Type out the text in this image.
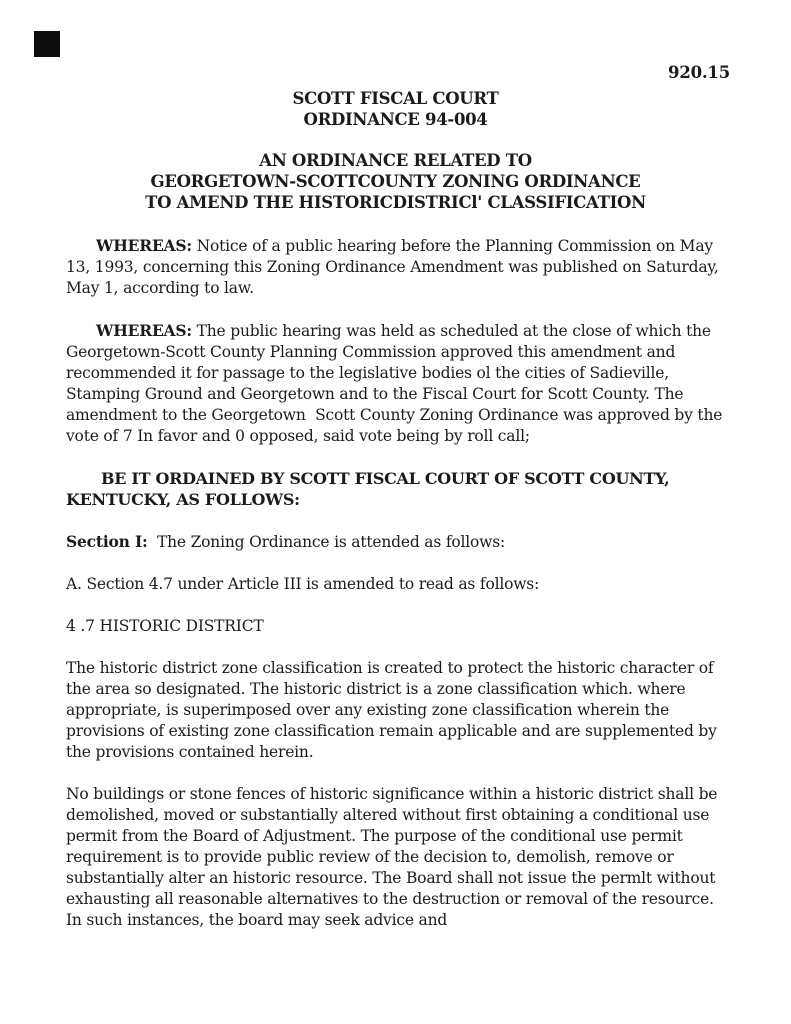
920.15
SCOTT FISCAL COURT
ORDINANCE 94-004
AN ORDINANCE RELATED TO
GEORGETOWN-SCOTTCOUNTY ZONING ORDINANCE
TO AMEND THE HISTORICDISTRICl' CLASSIFICATION

WHEREAS: Notice of a public hearing before the Planning Commission on May 13, 1993, concerning this Zoning Ordinance Amendment was published on Saturday, May 1, according to law.

WHEREAS: The public hearing was held as scheduled at the close of which the Georgetown-Scott County Planning Commission approved this amendment and recommended it for passage to the legislative bodies ol the cities of Sadieville, Stamping Ground and Georgetown and to the Fiscal Court for Scott County. The amendment to the Georgetown  Scott County Zoning Ordinance was approved by the vote of 7 In favor and 0 opposed, said vote being by roll call;

BE IT ORDAINED BY SCOTT FISCAL COURT OF SCOTT COUNTY, KENTUCKY, AS FOLLOWS:

Section I:  The Zoning Ordinance is attended as follows:

A. Section 4.7 under Article III is amended to read as follows:

4 .7 HISTORIC DISTRICT

The historic district zone classification is created to protect the historic character of the area so designated. The historic district is a zone classification which. where appropriate, is superimposed over any existing zone classification wherein the provisions of existing zone classification remain applicable and are supplemented by the provisions contained herein.

No buildings or stone fences of historic significance within a historic district shall be demolished, moved or substantially altered without first obtaining a conditional use permit from the Board of Adjustment. The purpose of the conditional use permit requirement is to provide public review of the decision to, demolish, remove or substantially alter an historic resource. The Board shall not issue the permlt without exhausting all reasonable alternatives to the destruction or removal of the resource. In such instances, the board may seek advice and
